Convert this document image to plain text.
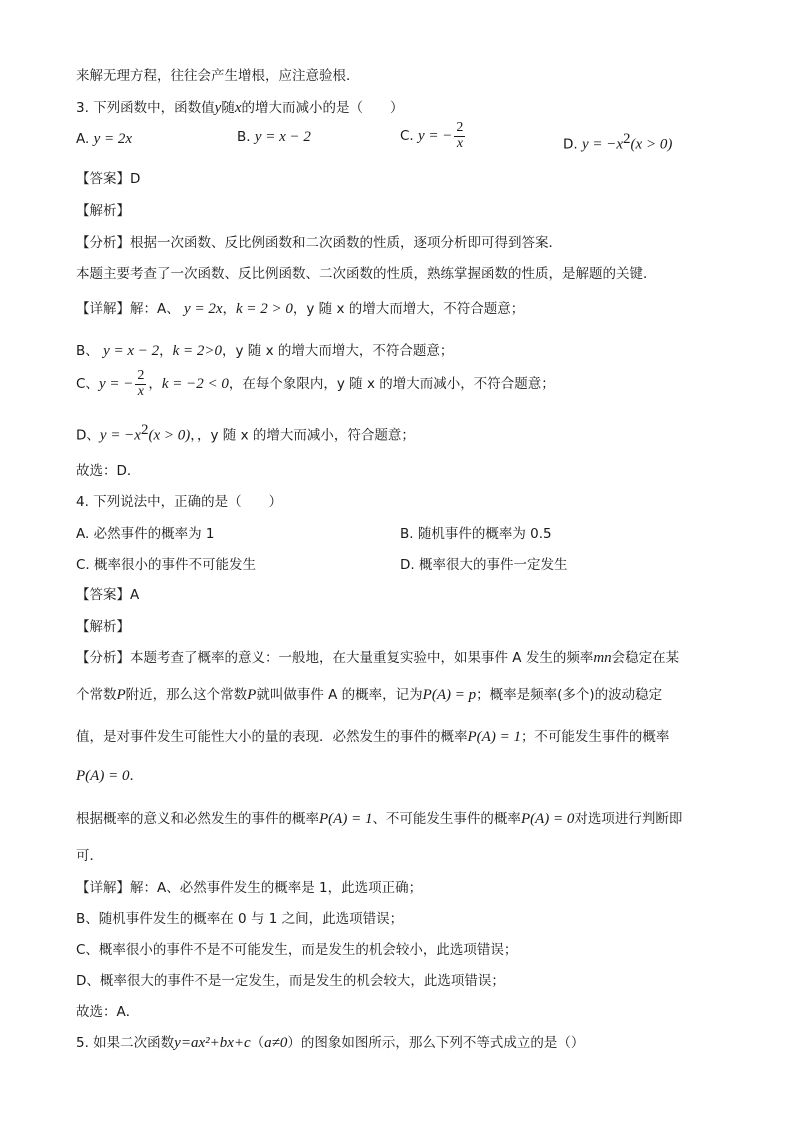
来解无理方程，往往会产生增根，应注意验根．
3. 下列函数中，函数值y随x的增大而减小的是（　　）
A. y = 2x	B. y = x − 2	C. y = − $\frac{2}{x}$	D. $y = -x^2(x > 0)$
【答案】D
【解析】
【分析】根据一次函数、反比例函数和二次函数的性质，逐项分析即可得到答案．
本题主要考查了一次函数、反比例函数、二次函数的性质，熟练掌握函数的性质，是解题的关键．
【详解】解：A、 y = 2x，k = 2 > 0，y 随 x 的增大而增大，不符合题意；
B、 y = x − 2，k = 2>0，y 随 x 的增大而增大，不符合题意；
C、y = − $\frac{2}{x}$ ，k = −2 < 0，在每个象限内，y 随 x 的增大而减小，不符合题意；
D、$y = -x^2(x > 0)$，，y 随 x 的增大而减小，符合题意；
故选：D．
4. 下列说法中，正确的是（　　）
A. 必然事件的概率为 1	B. 随机事件的概率为 0.5
C. 概率很小的事件不可能发生	D. 概率很大的事件一定发生
【答案】A
【解析】
【分析】本题考查了概率的意义：一般地，在大量重复实验中，如果事件 A 发生的频率mn会稳定在某
个常数P附近，那么这个常数P就叫做事件 A 的概率，记为P(A) = p；概率是频率(多个)的波动稳定
值，是对事件发生可能性大小的量的表现．必然发生的事件的概率P(A) = 1；不可能发生事件的概率
P(A) = 0．
根据概率的意义和必然发生的事件的概率P(A) = 1、不可能发生事件的概率P(A) = 0对选项进行判断即
可．
【详解】解：A、必然事件发生的概率是 1，此选项正确；
B、随机事件发生的概率在 0 与 1 之间，此选项错误；
C、概率很小的事件不是不可能发生，而是发生的机会较小，此选项错误；
D、概率很大的事件不是一定发生，而是发生的机会较大，此选项错误；
故选：A．
5. 如果二次函数y=ax²+bx+c（a≠0）的图象如图所示，那么下列不等式成立的是（）
